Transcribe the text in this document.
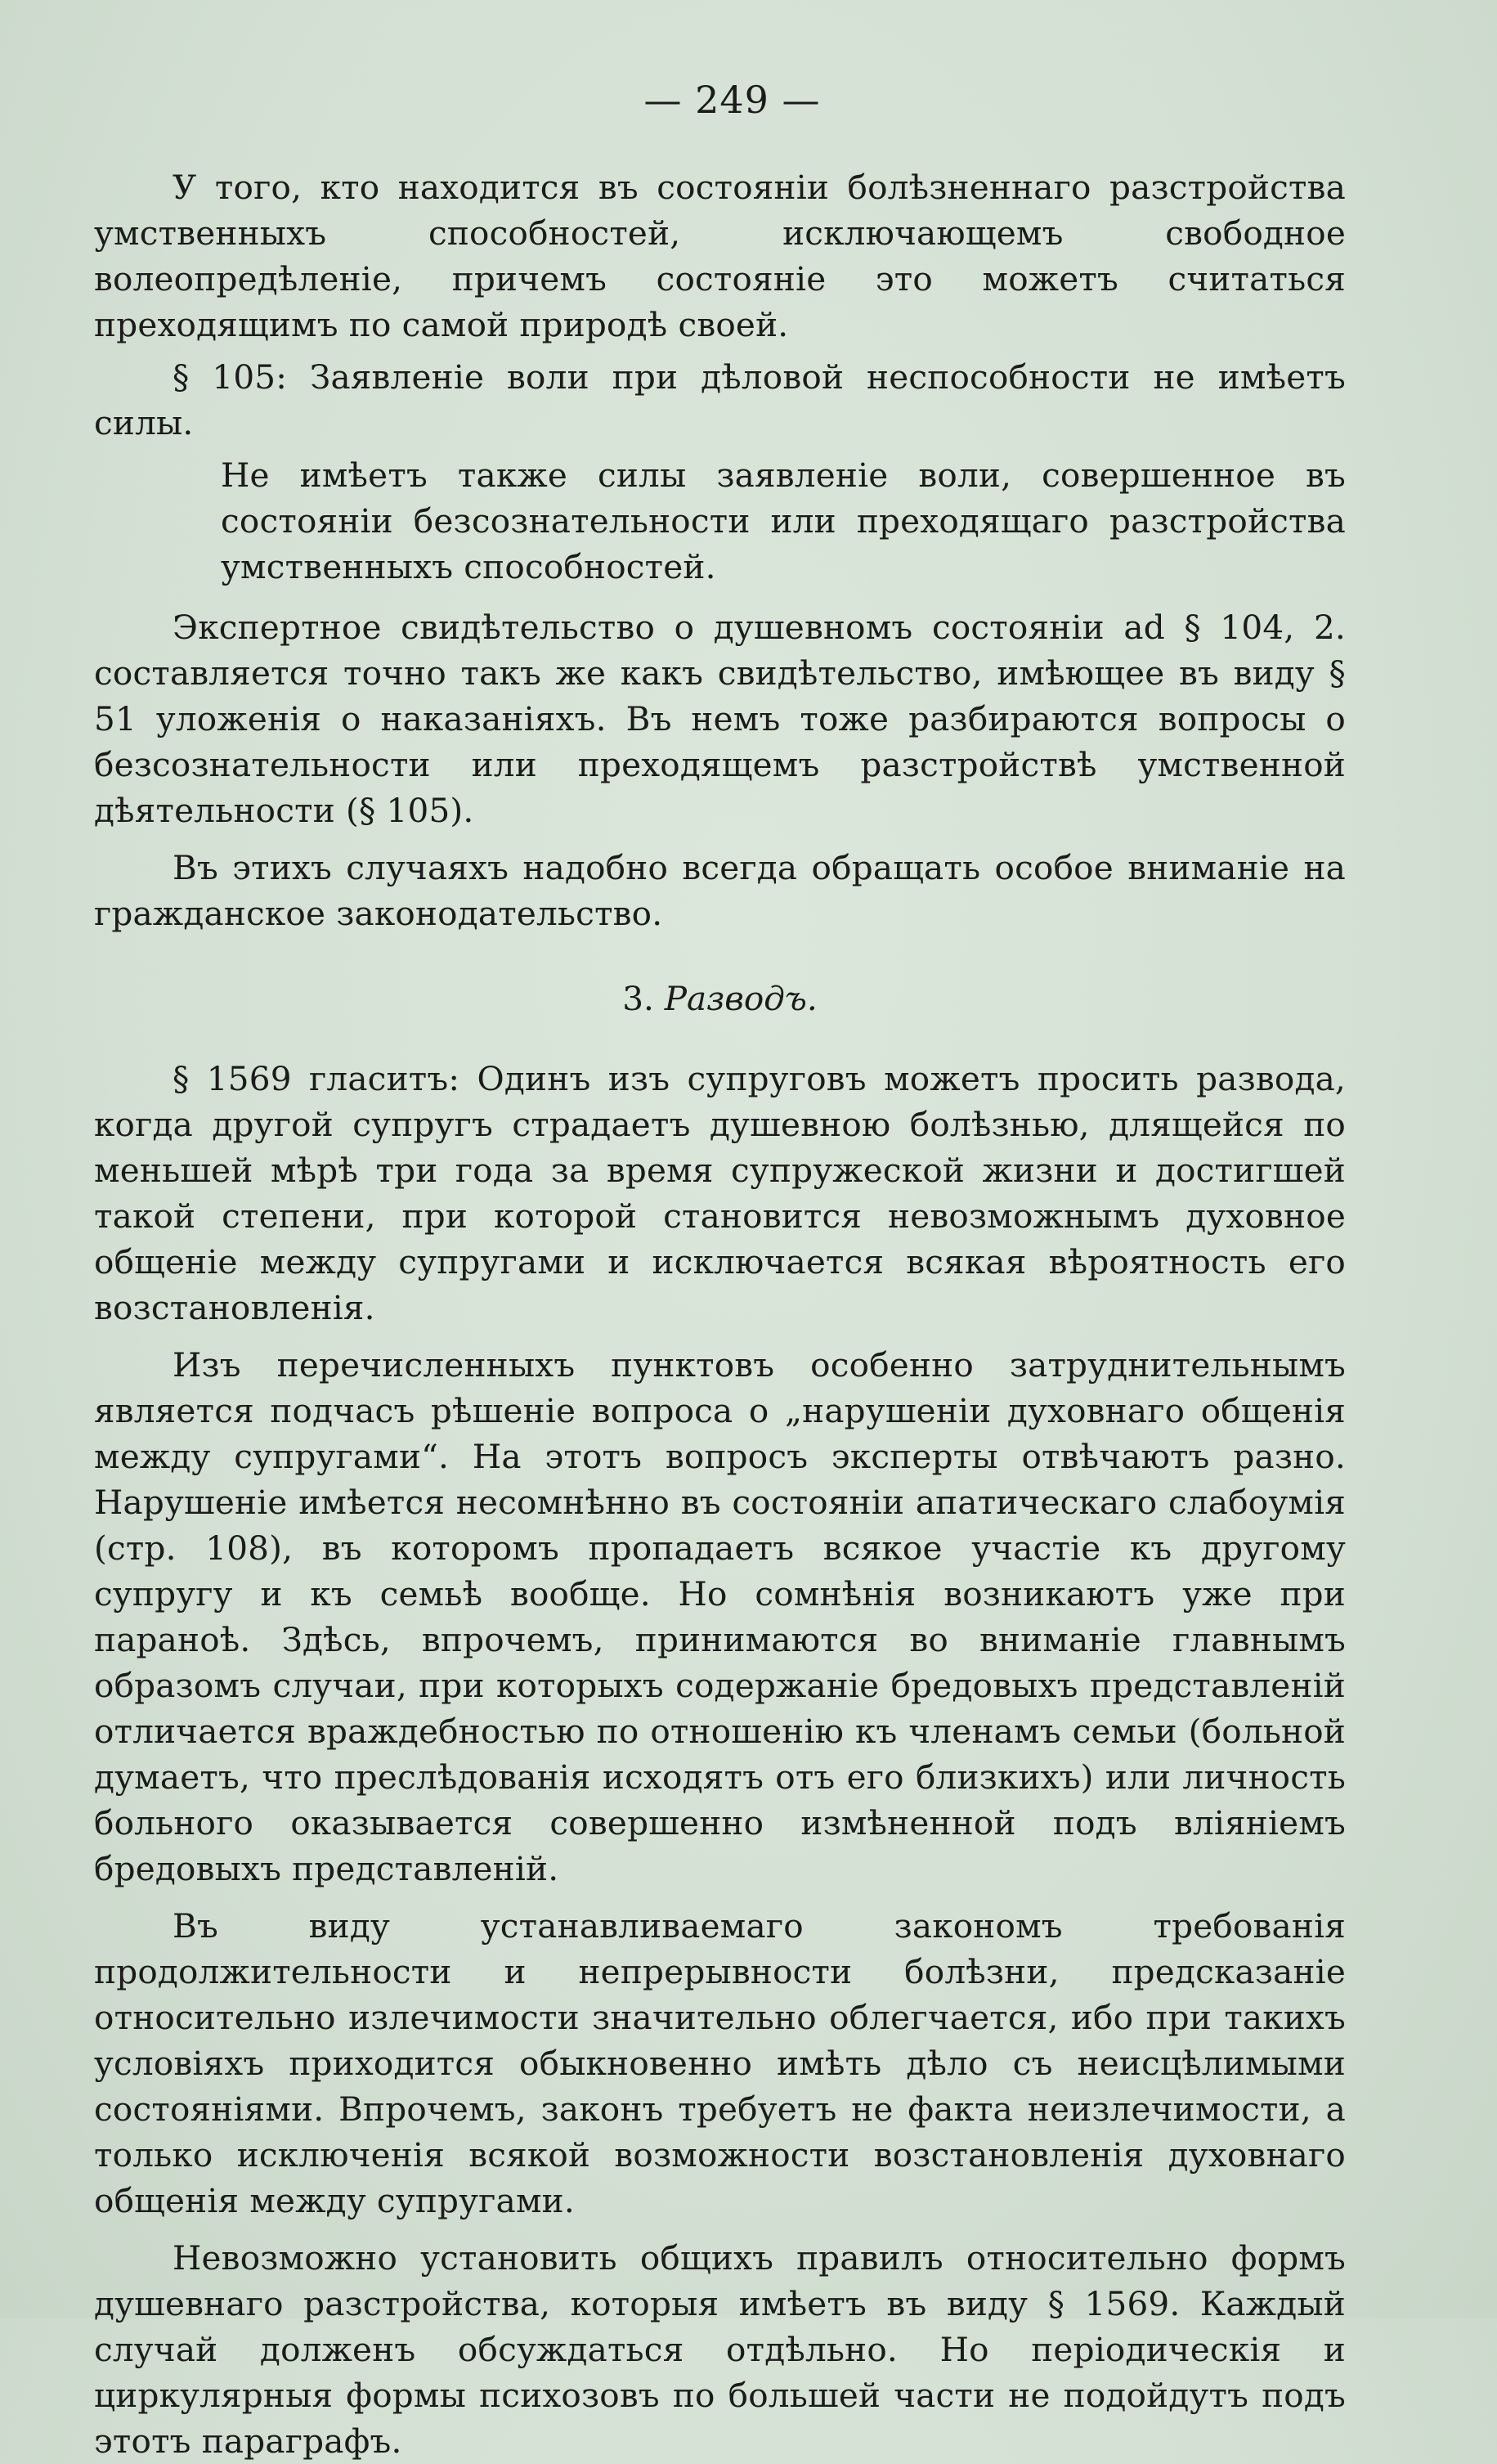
— 249 —

У того, кто находится въ состоянiи болѣзненнаго разстройства умственныхъ способностей, исключающемъ свободное волеопредѣленiе, причемъ состоянiе это можетъ считаться преходящимъ по самой природѣ своей.

§ 105: Заявленiе воли при дѣловой неспособности не имѣетъ силы.

Не имѣетъ также силы заявленiе воли, совершенное въ состоянiи безсознательности или преходящаго разстройства умственныхъ способностей.

Экспертное свидѣтельство о душевномъ состоянiи ad § 104, 2. составляется точно такъ же какъ свидѣтельство, имѣющее въ виду § 51 уложенiя о наказанiяхъ. Въ немъ тоже разбираются вопросы о безсознательности или преходящемъ разстройствѣ умственной дѣятельности (§ 105).

Въ этихъ случаяхъ надобно всегда обращать особое вниманiе на гражданское законодательство.

3. Разводъ.

§ 1569 гласитъ: Одинъ изъ супруговъ можетъ просить развода, когда другой супругъ страдаетъ душевною болѣзнью, длящейся по меньшей мѣрѣ три года за время супружеской жизни и достигшей такой степени, при которой становится невозможнымъ духовное общенiе между супругами и исключается всякая вѣроятность его возстановленiя.

Изъ перечисленныхъ пунктовъ особенно затруднительнымъ является подчасъ рѣшенiе вопроса о „нарушенiи духовнаго общенiя между супругами“. На этотъ вопросъ эксперты отвѣчаютъ разно. Нарушенiе имѣется несомнѣнно въ состоянiи апатическаго слабоумiя (стр. 108), въ которомъ пропадаетъ всякое участiе къ другому супругу и къ семьѣ вообще. Но сомнѣнiя возникаютъ уже при паранoѣ. Здѣсь, впрочемъ, принимаются во вниманiе главнымъ образомъ случаи, при которыхъ содержанiе бредовыхъ представленiй отличается враждебностью по отношенiю къ членамъ семьи (больной думаетъ, что преслѣдованiя исходятъ отъ его близкихъ) или личность больного оказывается совершенно измѣненной подъ влiянiемъ бредовыхъ представленiй.

Въ виду устанавливаемаго закономъ требованiя продолжительности и непрерывности болѣзни, предсказанiе относительно излечимости значительно облегчается, ибо при такихъ условiяхъ приходится обыкновенно имѣть дѣло съ неисцѣлимыми состоянiями. Впрочемъ, законъ требуетъ не факта неизлечимости, а только исключенiя всякой возможности возстановленiя духовнаго общенiя между супругами.

Невозможно установить общихъ правилъ относительно формъ душевнаго разстройства, которыя имѣетъ въ виду § 1569. Каждый случай долженъ обсуждаться отдѣльно. Но перiодическiя и циркулярныя формы психозовъ по большей части не подойдутъ подъ этотъ параграфъ.
